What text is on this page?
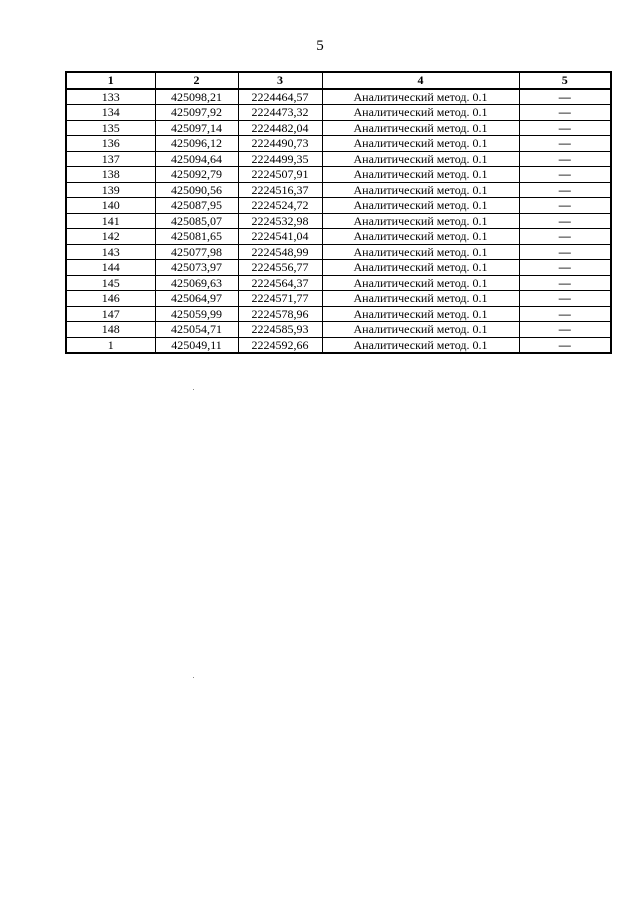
5
1	2	3	4	5
133	425098,21	2224464,57	Аналитический метод. 0.1	—
134	425097,92	2224473,32	Аналитический метод. 0.1	—
135	425097,14	2224482,04	Аналитический метод. 0.1	—
136	425096,12	2224490,73	Аналитический метод. 0.1	—
137	425094,64	2224499,35	Аналитический метод. 0.1	—
138	425092,79	2224507,91	Аналитический метод. 0.1	—
139	425090,56	2224516,37	Аналитический метод. 0.1	—
140	425087,95	2224524,72	Аналитический метод. 0.1	—
141	425085,07	2224532,98	Аналитический метод. 0.1	—
142	425081,65	2224541,04	Аналитический метод. 0.1	—
143	425077,98	2224548,99	Аналитический метод. 0.1	—
144	425073,97	2224556,77	Аналитический метод. 0.1	—
145	425069,63	2224564,37	Аналитический метод. 0.1	—
146	425064,97	2224571,77	Аналитический метод. 0.1	—
147	425059,99	2224578,96	Аналитический метод. 0.1	—
148	425054,71	2224585,93	Аналитический метод. 0.1	—
1	425049,11	2224592,66	Аналитический метод. 0.1	—
